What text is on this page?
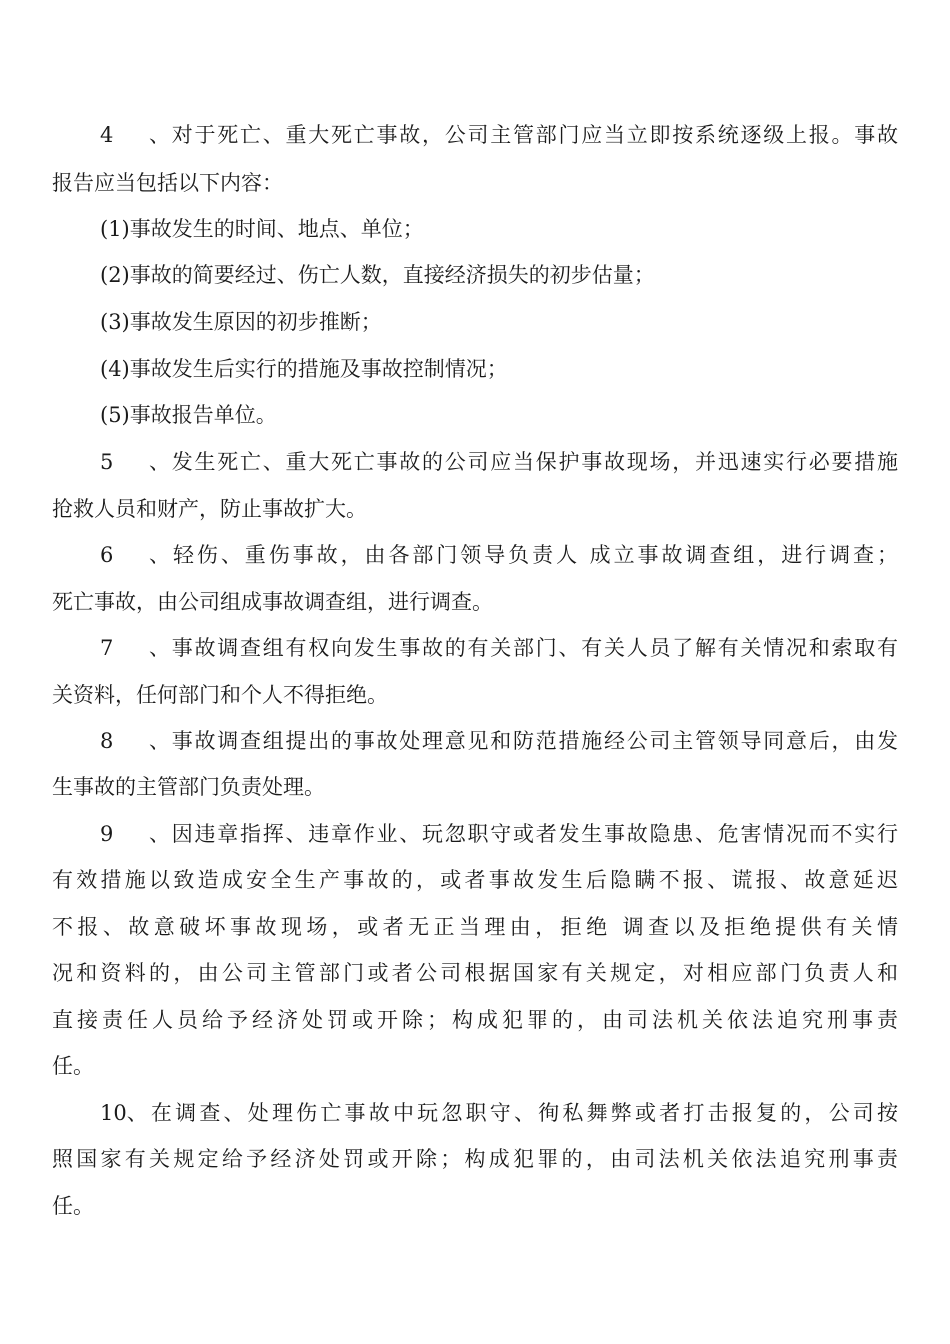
4、对于死亡、重大死亡事故，公司主管部门应当立即按系统逐级上报。事故
报告应当包括以下内容：
(1)事故发生的时间、地点、单位；
(2)事故的简要经过、伤亡人数，直接经济损失的初步估量；
(3)事故发生原因的初步推断；
(4)事故发生后实行的措施及事故控制情况；
(5)事故报告单位。
5、发生死亡、重大死亡事故的公司应当保护事故现场，并迅速实行必要措施
抢救人员和财产，防止事故扩大。
6、轻伤、重伤事故，由各部门领导负责人 成立事故调查组，进行调查；
死亡事故，由公司组成事故调查组，进行调查。
7、事故调查组有权向发生事故的有关部门、有关人员了解有关情况和索取有
关资料，任何部门和个人不得拒绝。
8、事故调查组提出的事故处理意见和防范措施经公司主管领导同意后，由发
生事故的主管部门负责处理。
9、因违章指挥、违章作业、玩忽职守或者发生事故隐患、危害情况而不实行
有效措施以致造成安全生产事故的，或者事故发生后隐瞒不报、谎报、故意延迟
不报、故意破坏事故现场，或者无正当理由，拒绝 调查以及拒绝提供有关情
况和资料的，由公司主管部门或者公司根据国家有关规定，对相应部门负责人和
直接责任人员给予经济处罚或开除；构成犯罪的，由司法机关依法追究刑事责
任。
10、在调查、处理伤亡事故中玩忽职守、徇私舞弊或者打击报复的，公司按
照国家有关规定给予经济处罚或开除；构成犯罪的，由司法机关依法追究刑事责
任。
